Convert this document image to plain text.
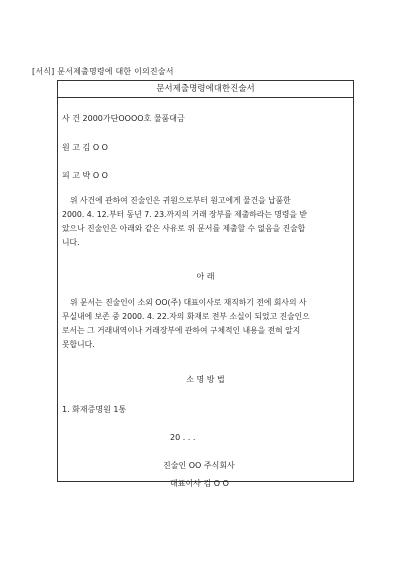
[서식] 문서제출명령에 대한 이의진술서
문서제출명령에대한진술서
사 건 2000가단OOOO호 물품대금
원 고 김 O O
피 고 박 O O
위 사건에 관하여 진술인은 귀원으로부터 원고에게 물건을 납품한
2000. 4. 12.부터 동년 7. 23.까지의 거래 장부를 제출하라는 명령을 받
았으나 진술인은 아래와 같은 사유로 위 문서를 제출할 수 없음을 진술합
니다.
아 래
위 문서는 진술인이 소외 OO(주) 대표이사로 재직하기 전에 회사의 사
무실내에 보존 중 2000. 4. 22.자의 화재로 전부 소실이 되었고 진술인으
로서는 그 거래내역이나 거래장부에 관하여 구체적인 내용을 전혀 알지
못합니다.
소 명 방 법
1. 화재증명원 1통
20 . . .
진술인 OO 주식회사
대표이사 김 O O
